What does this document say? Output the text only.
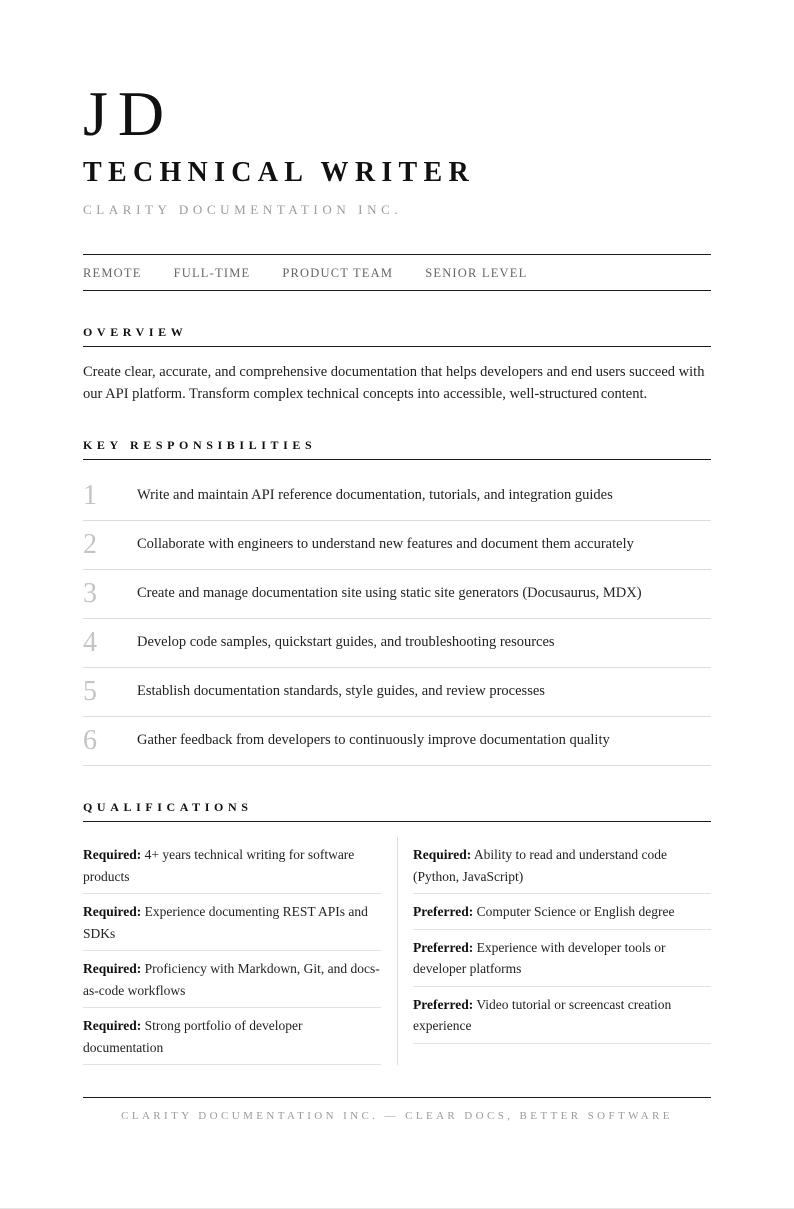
JD
TECHNICAL WRITER
CLARITY DOCUMENTATION INC.
REMOTE	FULL-TIME	PRODUCT TEAM	SENIOR LEVEL
OVERVIEW
Create clear, accurate, and comprehensive documentation that helps developers and end users succeed with our API platform. Transform complex technical concepts into accessible, well-structured content.
KEY RESPONSIBILITIES
1	Write and maintain API reference documentation, tutorials, and integration guides
2	Collaborate with engineers to understand new features and document them accurately
3	Create and manage documentation site using static site generators (Docusaurus, MDX)
4	Develop code samples, quickstart guides, and troubleshooting resources
5	Establish documentation standards, style guides, and review processes
6	Gather feedback from developers to continuously improve documentation quality
QUALIFICATIONS
Required: 4+ years technical writing for software products
Required: Experience documenting REST APIs and SDKs
Required: Proficiency with Markdown, Git, and docs-as-code workflows
Required: Strong portfolio of developer documentation
Required: Ability to read and understand code (Python, JavaScript)
Preferred: Computer Science or English degree
Preferred: Experience with developer tools or developer platforms
Preferred: Video tutorial or screencast creation experience
CLARITY DOCUMENTATION INC. — CLEAR DOCS, BETTER SOFTWARE
